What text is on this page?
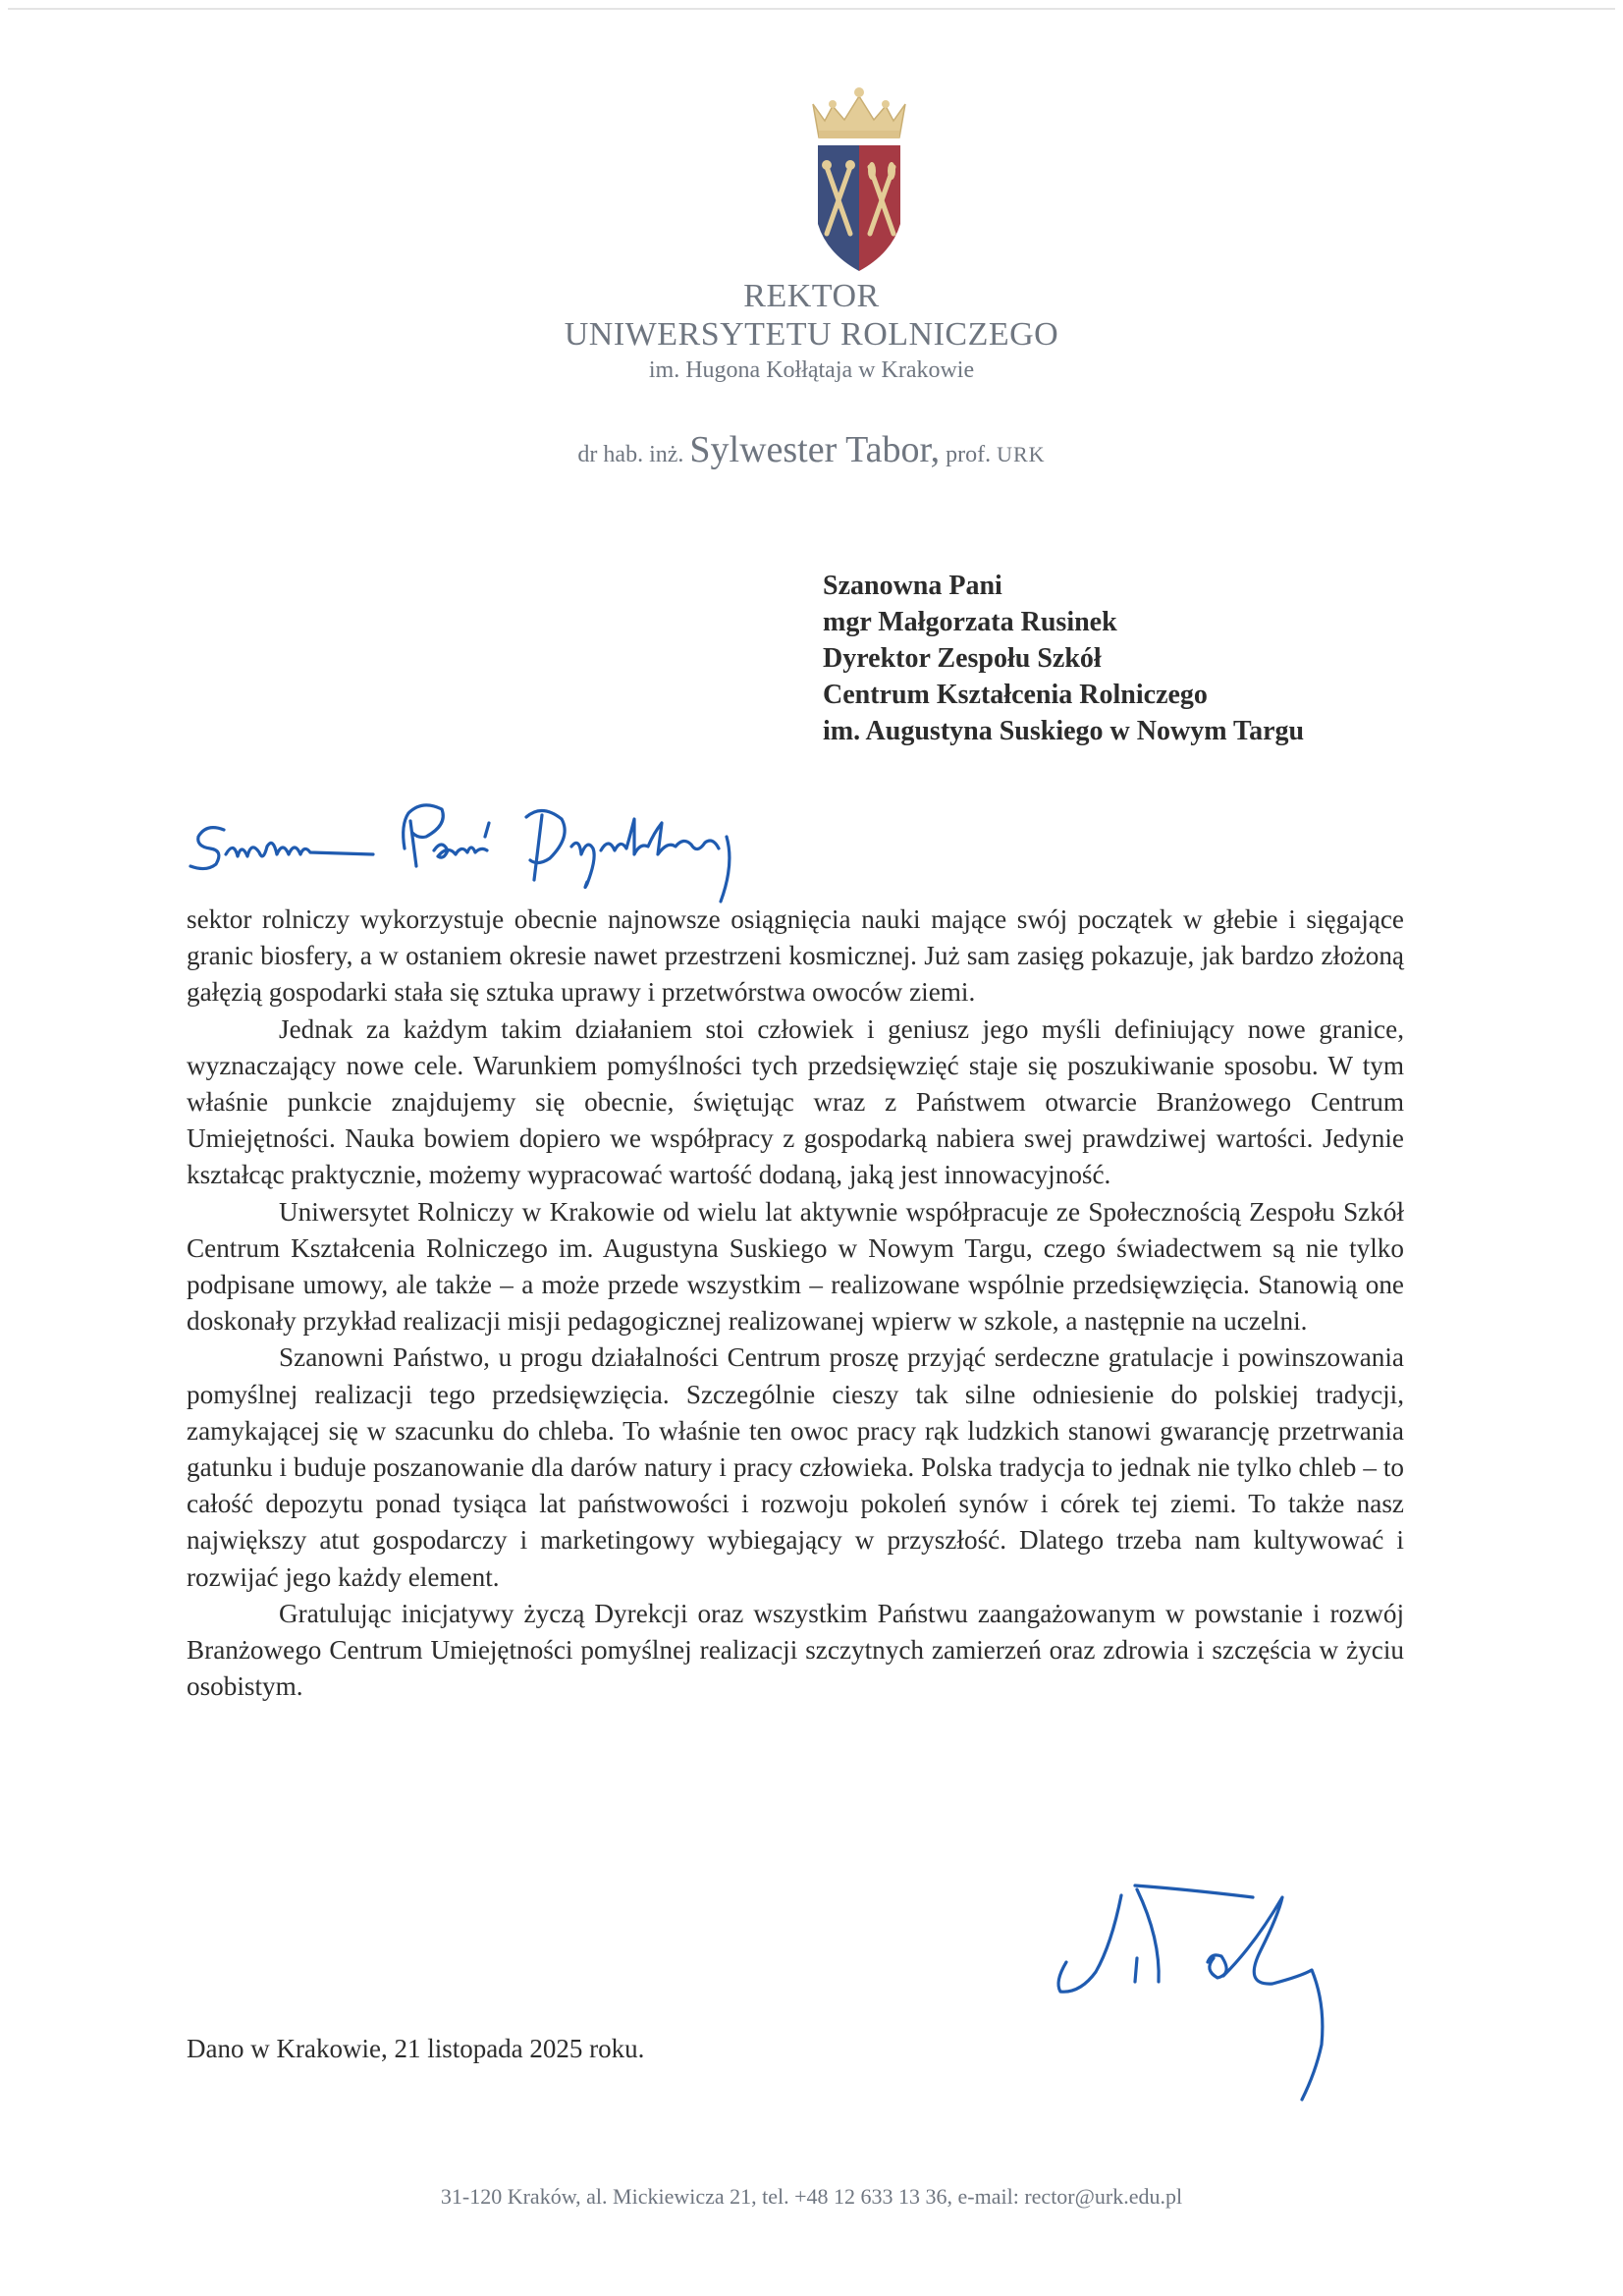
REKTOR
UNIWERSYTETU ROLNICZEGO
im. Hugona Kołłątaja w Krakowie
dr hab. inż. Sylwester Tabor, prof. URK
Szanowna Pani
mgr Małgorzata Rusinek
Dyrektor Zespołu Szkół
Centrum Kształcenia Rolniczego
im. Augustyna Suskiego w Nowym Targu

sektor rolniczy wykorzystuje obecnie najnowsze osiągnięcia nauki mające swój początek w głebie i sięgające granic biosfery, a w ostaniem okresie nawet przestrzeni kosmicznej. Już sam zasięg pokazuje, jak bardzo złożoną gałęzią gospodarki stała się sztuka uprawy i przetwórstwa owoców ziemi.

Jednak za każdym takim działaniem stoi człowiek i geniusz jego myśli definiujący nowe granice, wyznaczający nowe cele. Warunkiem pomyślności tych przedsięwzięć staje się poszukiwanie sposobu. W tym właśnie punkcie znajdujemy się obecnie, świętując wraz z Państwem otwarcie Branżowego Centrum Umiejętności. Nauka bowiem dopiero we współpracy z gospodarką nabiera swej prawdziwej wartości. Jedynie kształcąc praktycznie, możemy wypracować wartość dodaną, jaką jest innowacyjność.

Uniwersytet Rolniczy w Krakowie od wielu lat aktywnie współpracuje ze Społecznością Zespołu Szkół Centrum Kształcenia Rolniczego im. Augustyna Suskiego w Nowym Targu, czego świadectwem są nie tylko podpisane umowy, ale także – a może przede wszystkim – realizowane wspólnie przedsięwzięcia. Stanowią one doskonały przykład realizacji misji pedagogicznej realizowanej wpierw w szkole, a następnie na uczelni.

Szanowni Państwo, u progu działalności Centrum proszę przyjąć serdeczne gratulacje i powinszowania pomyślnej realizacji tego przedsięwzięcia. Szczególnie cieszy tak silne odniesienie do polskiej tradycji, zamykającej się w szacunku do chleba. To właśnie ten owoc pracy rąk ludzkich stanowi gwarancję przetrwania gatunku i buduje poszanowanie dla darów natury i pracy człowieka. Polska tradycja to jednak nie tylko chleb – to całość depozytu ponad tysiąca lat państwowości i rozwoju pokoleń synów i córek tej ziemi. To także nasz największy atut gospodarczy i marketingowy wybiegający w przyszłość. Dlatego trzeba nam kultywować i rozwijać jego każdy element.

Gratulując inicjatywy życzą Dyrekcji oraz wszystkim Państwu zaangażowanym w powstanie i rozwój Branżowego Centrum Umiejętności pomyślnej realizacji szczytnych zamierzeń oraz zdrowia i szczęścia w życiu osobistym.

Dano w Krakowie, 21 listopada 2025 roku.
31-120 Kraków, al. Mickiewicza 21, tel. +48 12 633 13 36, e-mail: rector@urk.edu.pl
